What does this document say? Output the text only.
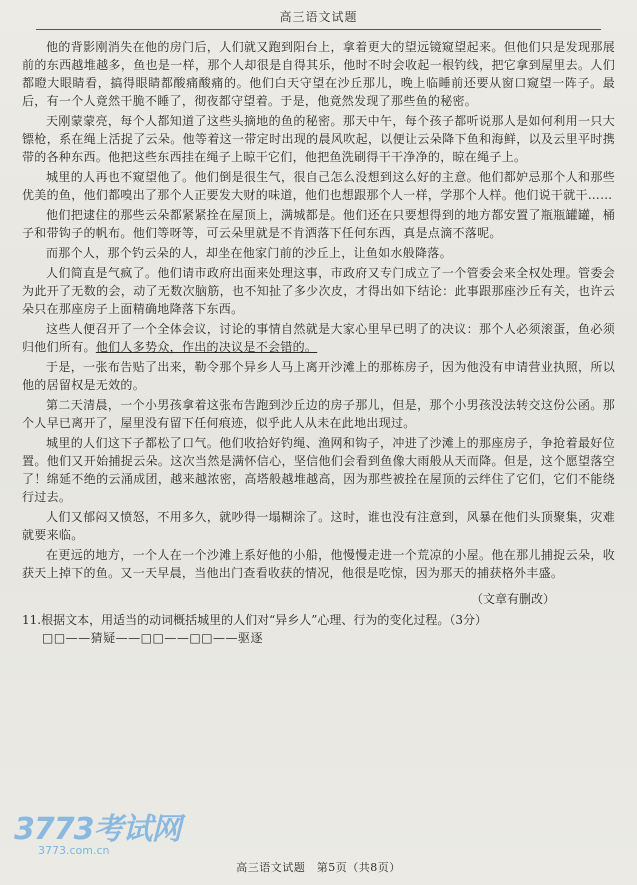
高三语文试题

他的背影刚消失在他的房门后，人们就又跑到阳台上，拿着更大的望远镜窥望起来。但他们只是发现那展前的东西越堆越多，鱼也是一样，那个人却很是自得其乐，他时不时会收起一根钓线，把它拿到屋里去。人们都瞪大眼睛看，搞得眼睛都酸痛酸痛的。他们白天守望在沙丘那儿，晚上临睡前还要从窗口窥望一阵子。最后，有一个人竟然干脆不睡了，彻夜都守望着。于是，他竟然发现了那些鱼的秘密。

天刚蒙蒙亮，每个人都知道了这些头摘地的鱼的秘密。那天中午，每个孩子都听说那人是如何利用一只大镖枪，系在绳上活捉了云朵。他等着这一带定时出现的晨风吹起，以便让云朵降下鱼和海鲜，以及云里平时携带的各种东西。他把这些东西挂在绳子上晾干它们，他把鱼洗刷得干干净净的，晾在绳子上。

城里的人再也不窥望他了。他们倒是很生气，很自己怎么没想到这么好的主意。他们都妒忌那个人和那些优美的鱼，他们都嗅出了那个人正要发大财的味道，他们也想跟那个人一样，学那个人样。他们说干就干……

他们把逮住的那些云朵都紧紧拴在屋顶上，满城都是。他们还在只要想得到的地方都安置了瓶瓶罐罐，桶子和带钩子的帆布。他们等呀等，可云朵里就是不肯洒落下任何东西，真是点滴不落呢。

而那个人，那个钓云朵的人，却坐在他家门前的沙丘上，让鱼如水般降落。

人们简直是气疯了。他们请市政府出面来处理这事，市政府又专门成立了一个管委会来全权处理。管委会为此开了无数的会，动了无数次脑筋，也不知扯了多少次皮，才得出如下结论：此事跟那座沙丘有关，也许云朵只在那座房子上面精确地降落下东西。

这些人便召开了一个全体会议，讨论的事情自然就是大家心里早已明了的决议：那个人必须滚蛋，鱼必须归他们所有。他们人多势众，作出的决议是不会错的。

于是，一张布告贴了出来，勒令那个异乡人马上离开沙滩上的那栋房子，因为他没有申请营业执照，所以他的居留权是无效的。

第二天清晨，一个小男孩拿着这张布告跑到沙丘边的房子那儿，但是，那个小男孩没法转交这份公函。那个人早已离开了，屋里没有留下任何痕迹，似乎此人从未在此地出现过。

城里的人们这下子都松了口气。他们收拾好钓绳、渔网和钩子，冲进了沙滩上的那座房子，争抢着最好位置。他们又开始捕捉云朵。这次当然是满怀信心，坚信他们会看到鱼像大雨般从天而降。但是，这个愿望落空了！绵延不绝的云涌成团，越来越浓密，高塔般越堆越高，因为那些被拴在屋顶的云绊住了它们，它们不能绕行过去。

人们又郁闷又愤怒，不用多久，就吵得一塌糊涂了。这时，谁也没有注意到，风暴在他们头顶聚集，灾难就要来临。

在更远的地方，一个人在一个沙滩上系好他的小船，他慢慢走进一个荒凉的小屋。他在那儿捕捉云朵，收获天上掉下的鱼。又一天早晨，当他出门查看收获的情况，他很是吃惊，因为那天的捕获格外丰盛。

（文章有删改）

11.根据文本，用适当的动词概括城里的人们对“异乡人”心理、行为的变化过程。（3分）

□□——猜疑——□□——□□——驱逐

3773考试网
3773.com.cn
高三语文试题　第5页（共8页）
